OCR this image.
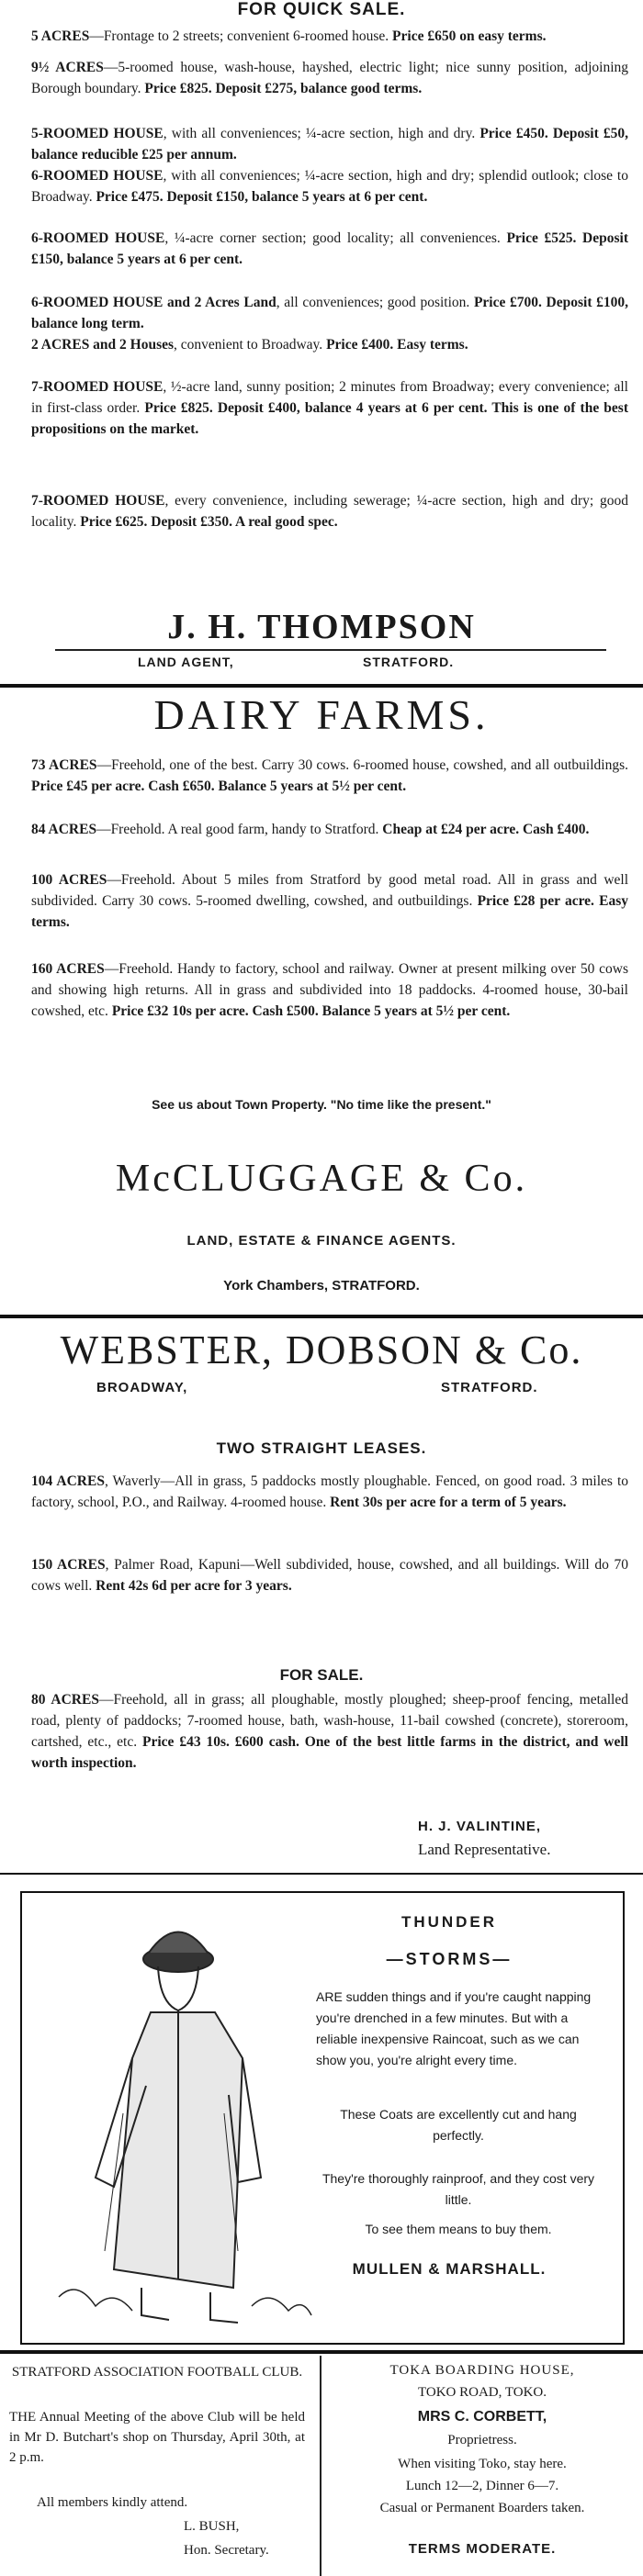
FOR QUICK SALE.
5 ACRES—Frontage to 2 streets; convenient 6-roomed house. Price £650 on easy terms.
9½ ACRES—5-roomed house, wash-house, hayshed, electric light; nice sunny position, adjoining Borough boundary. Price £825. Deposit £275, balance good terms.
5-ROOMED HOUSE, with all conveniences; ¼-acre section, high and dry. Price £450. Deposit £50, balance reducible £25 per annum.
6-ROOMED HOUSE, with all conveniences; ¼-acre section, high and dry; splendid outlook; close to Broadway. Price £475. Deposit £150, balance 5 years at 6 per cent.
6-ROOMED HOUSE, ¼-acre corner section; good locality; all conveniences. Price £525. Deposit £150, balance 5 years at 6 per cent.
6-ROOMED HOUSE and 2 Acres Land, all conveniences; good position. Price £700. Deposit £100, balance long term.
2 ACRES and 2 Houses, convenient to Broadway. Price £400. Easy terms.
7-ROOMED HOUSE, ½-acre land, sunny position; 2 minutes from Broadway; every convenience; all in first-class order. Price £825. Deposit £400, balance 4 years at 6 per cent. This is one of the best propositions on the market.
7-ROOMED HOUSE, every convenience, including sewerage; ¼-acre section, high and dry; good locality. Price £625. Deposit £350. A real good spec.
J. H. THOMPSON
LAND AGENT,	STRATFORD.
DAIRY FARMS.
73 ACRES—Freehold, one of the best. Carry 30 cows. 6-roomed house, cowshed, and all outbuildings. Price £45 per acre. Cash £650. Balance 5 years at 5½ per cent.
84 ACRES—Freehold. A real good farm, handy to Stratford. Cheap at £24 per acre. Cash £400.
100 ACRES—Freehold. About 5 miles from Stratford by good metal road. All in grass and well subdivided. Carry 30 cows. 5-roomed dwelling, cowshed, and outbuildings. Price £28 per acre. Easy terms.
160 ACRES—Freehold. Handy to factory, school and railway. Owner at present milking over 50 cows and showing high returns. All in grass and subdivided into 18 paddocks. 4-roomed house, 30-bail cowshed, etc. Price £32 10s per acre. Cash £500. Balance 5 years at 5½ per cent.
See us about Town Property. "No time like the present."
McCLUGGAGE & Co.
LAND, ESTATE & FINANCE AGENTS.
York Chambers, STRATFORD.
WEBSTER, DOBSON & Co.
BROADWAY,	STRATFORD.
TWO STRAIGHT LEASES.
104 ACRES, Waverly—All in grass, 5 paddocks mostly ploughable. Fenced, on good road. 3 miles to factory, school, P.O., and Railway. 4-roomed house. Rent 30s per acre for a term of 5 years.
150 ACRES, Palmer Road, Kapuni—Well subdivided, house, cowshed, and all buildings. Will do 70 cows well. Rent 42s 6d per acre for 3 years.
FOR SALE.
80 ACRES—Freehold, all in grass; all ploughable, mostly ploughed; sheep-proof fencing, metalled road, plenty of paddocks; 7-roomed house, bath, wash-house, 11-bail cowshed (concrete), storeroom, cartshed, etc., etc. Price £43 10s. £600 cash. One of the best little farms in the district, and well worth inspection.
H. J. VALINTINE,
Land Representative.
THUNDER
—STORMS—
ARE sudden things and if you're caught napping you're drenched in a few minutes. But with a reliable inexpensive Raincoat, such as we can show you, you're alright every time.
These Coats are excellently cut and hang perfectly.
They're thoroughly rainproof, and they cost very little.
To see them means to buy them.
MULLEN & MARSHALL.
STRATFORD ASSOCIATION FOOTBALL CLUB.
THE Annual Meeting of the above Club will be held in Mr D. Butchart's shop on Thursday, April 30th, at 2 p.m.
All members kindly attend.
L. BUSH,
Hon. Secretary.
TOKA BOARDING HOUSE,
TOKO ROAD, TOKO.
MRS C. CORBETT,
Proprietress.
When visiting Toko, stay here.
Lunch 12—2, Dinner 6—7.
Casual or Permanent Boarders taken.
TERMS MODERATE.
